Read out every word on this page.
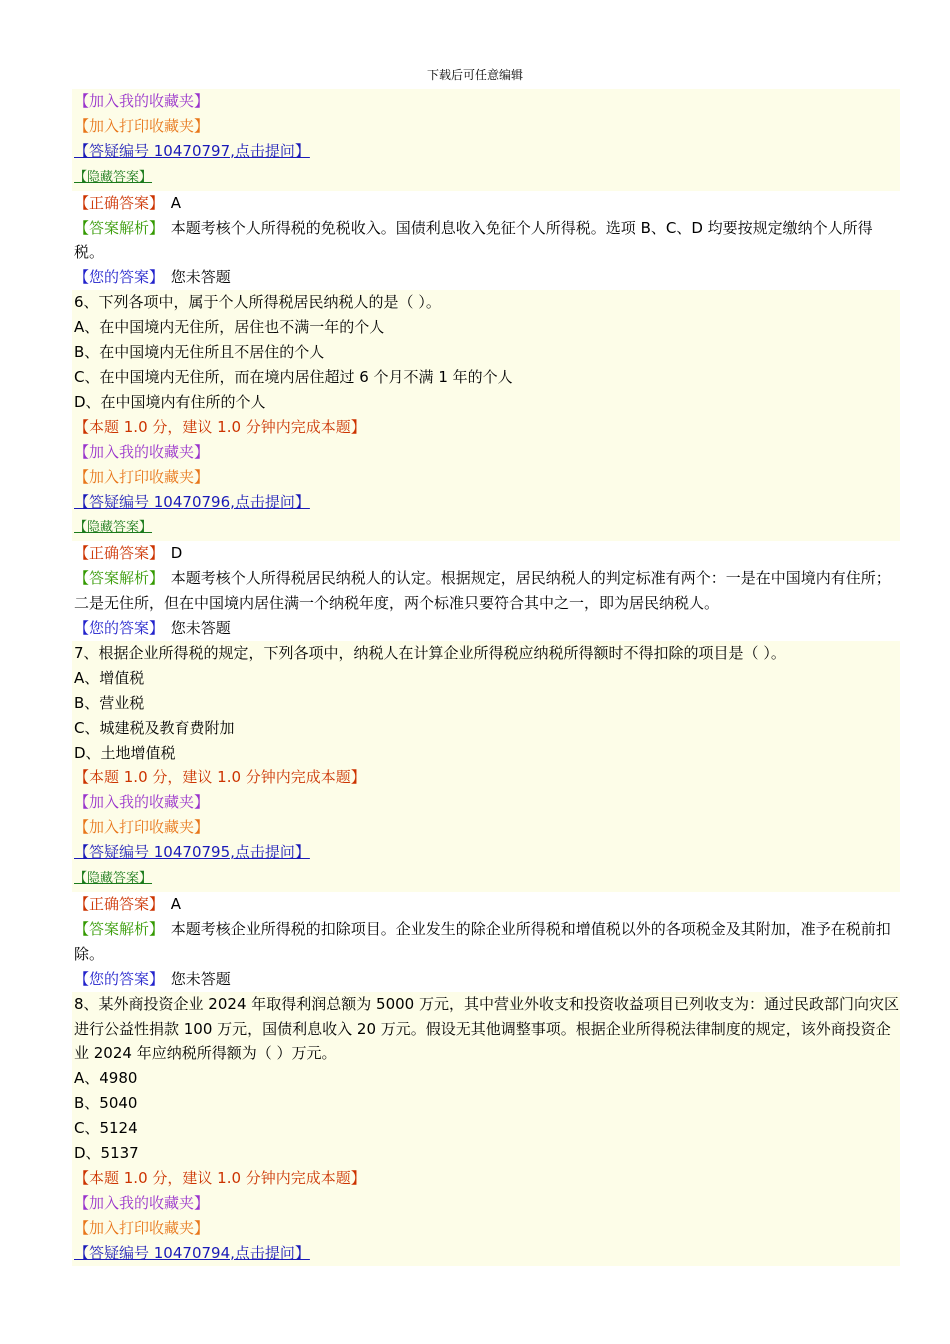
下载后可任意编辑
【加入我的收藏夹】
【加入打印收藏夹】
【答疑编号 10470797,点击提问】
【隐藏答案】
【正确答案】 A
【答案解析】 本题考核个人所得税的免税收入。国债利息收入免征个人所得税。选项 B、C、D 均要按规定缴纳个人所得税。
【您的答案】 您未答题
6、下列各项中，属于个人所得税居民纳税人的是（ ）。
A、在中国境内无住所，居住也不满一年的个人
B、在中国境内无住所且不居住的个人
C、在中国境内无住所，而在境内居住超过 6 个月不满 1 年的个人
D、在中国境内有住所的个人
【本题 1.0 分，建议 1.0 分钟内完成本题】
【加入我的收藏夹】
【加入打印收藏夹】
【答疑编号 10470796,点击提问】
【隐藏答案】
【正确答案】 D
【答案解析】 本题考核个人所得税居民纳税人的认定。根据规定，居民纳税人的判定标准有两个：一是在中国境内有住所；二是无住所，但在中国境内居住满一个纳税年度，两个标准只要符合其中之一，即为居民纳税人。
【您的答案】 您未答题
7、根据企业所得税的规定，下列各项中，纳税人在计算企业所得税应纳税所得额时不得扣除的项目是（ ）。
A、增值税
B、营业税
C、城建税及教育费附加
D、土地增值税
【本题 1.0 分，建议 1.0 分钟内完成本题】
【加入我的收藏夹】
【加入打印收藏夹】
【答疑编号 10470795,点击提问】
【隐藏答案】
【正确答案】 A
【答案解析】 本题考核企业所得税的扣除项目。企业发生的除企业所得税和增值税以外的各项税金及其附加，准予在税前扣除。
【您的答案】 您未答题
8、某外商投资企业 2024 年取得利润总额为 5000 万元，其中营业外收支和投资收益项目已列收支为：通过民政部门向灾区进行公益性捐款 100 万元，国债利息收入 20 万元。假设无其他调整事项。根据企业所得税法律制度的规定，该外商投资企业 2024 年应纳税所得额为（ ）万元。
A、4980
B、5040
C、5124
D、5137
【本题 1.0 分，建议 1.0 分钟内完成本题】
【加入我的收藏夹】
【加入打印收藏夹】
【答疑编号 10470794,点击提问】
